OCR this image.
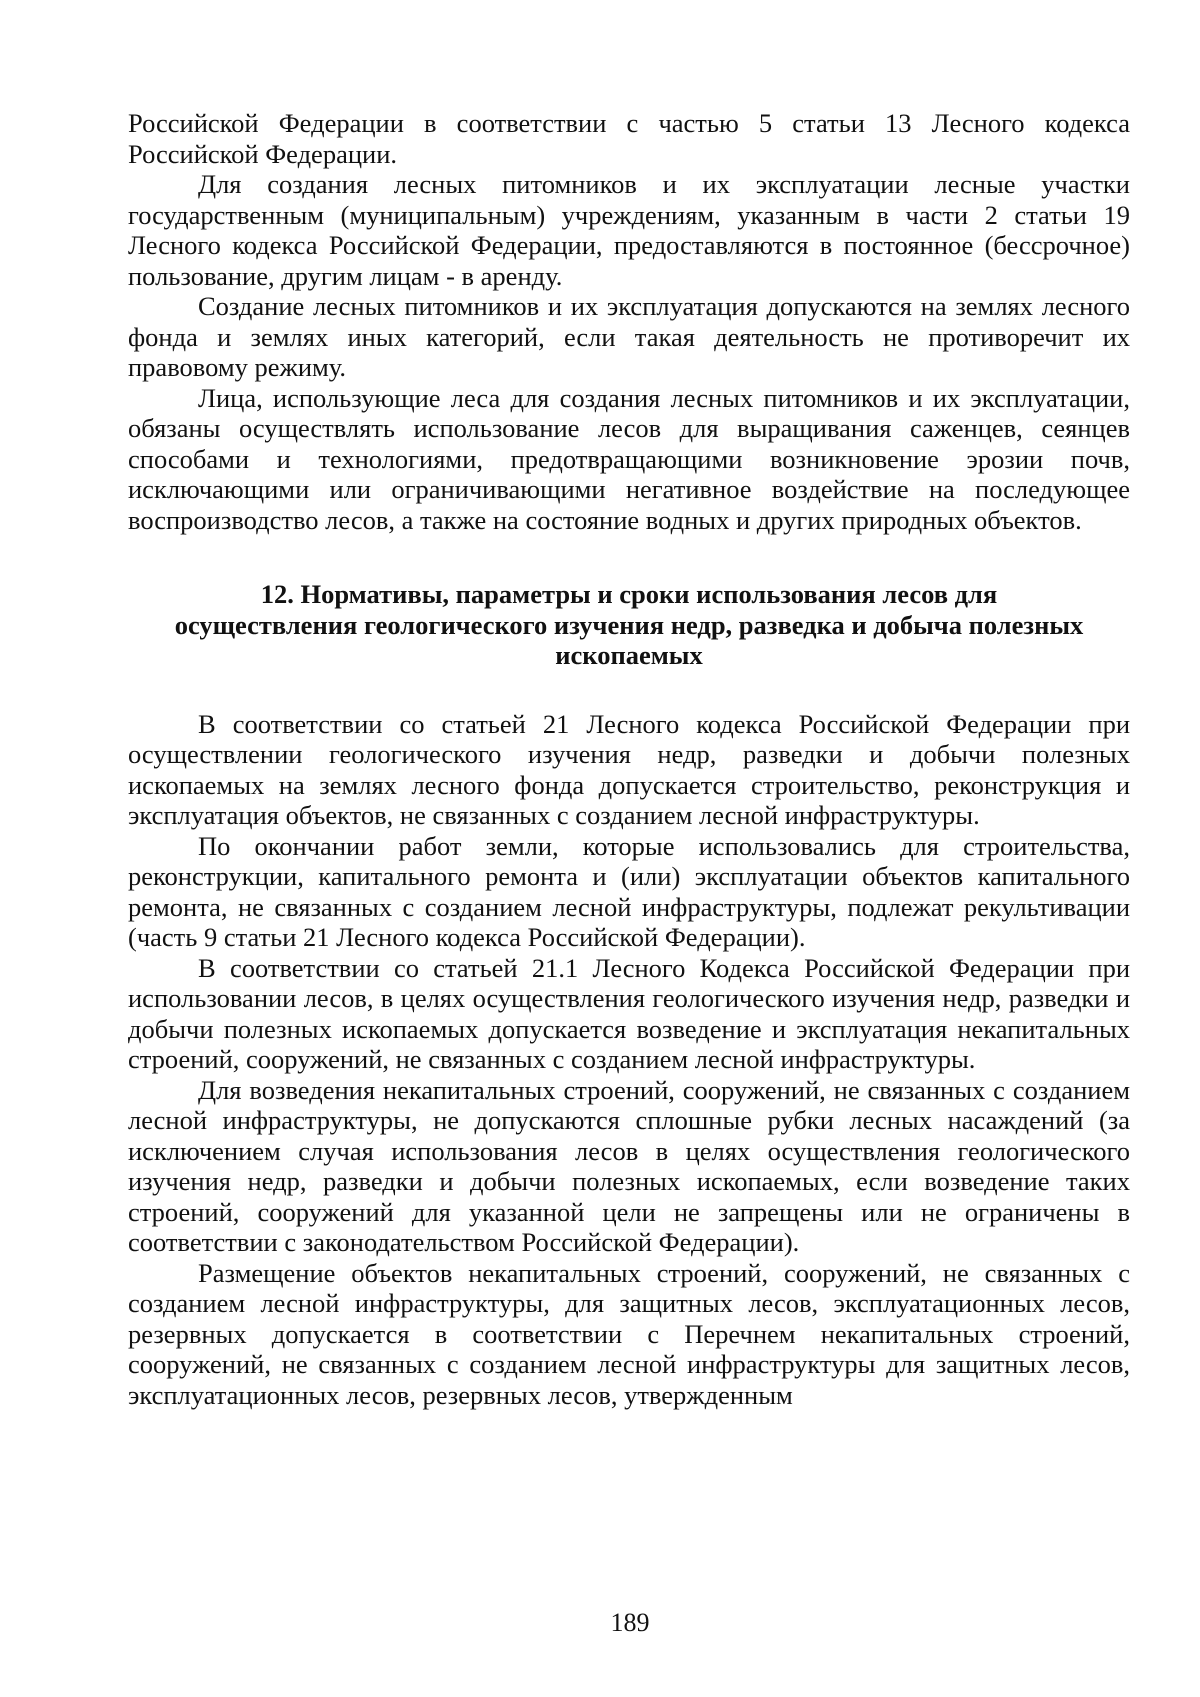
Российской Федерации в соответствии с частью 5 статьи 13 Лесного кодекса Российской Федерации.

Для создания лесных питомников и их эксплуатации лесные участки государственным (муниципальным) учреждениям, указанным в части 2 статьи 19 Лесного кодекса Российской Федерации, предоставляются в постоянное (бессрочное) пользование, другим лицам - в аренду.

Создание лесных питомников и их эксплуатация допускаются на землях лесного фонда и землях иных категорий, если такая деятельность не противоречит их правовому режиму.

Лица, использующие леса для создания лесных питомников и их эксплуатации, обязаны осуществлять использование лесов для выращивания саженцев, сеянцев способами и технологиями, предотвращающими возникновение эрозии почв, исключающими или ограничивающими негативное воздействие на последующее воспроизводство лесов, а также на состояние водных и других природных объектов.

12. Нормативы, параметры и сроки использования лесов для
осуществления геологического изучения недр, разведка и добыча полезных
ископаемых

В соответствии со статьей 21 Лесного кодекса Российской Федерации при осуществлении геологического изучения недр, разведки и добычи полезных ископаемых на землях лесного фонда допускается строительство, реконструкция и эксплуатация объектов, не связанных с созданием лесной инфраструктуры.

По окончании работ земли, которые использовались для строительства, реконструкции, капитального ремонта и (или) эксплуатации объектов капитального ремонта, не связанных с созданием лесной инфраструктуры, подлежат рекультивации (часть 9 статьи 21 Лесного кодекса Российской Федерации).

В соответствии со статьей 21.1 Лесного Кодекса Российской Федерации при использовании лесов, в целях осуществления геологического изучения недр, разведки и добычи полезных ископаемых допускается возведение и эксплуатация некапитальных строений, сооружений, не связанных с созданием лесной инфраструктуры.

Для возведения некапитальных строений, сооружений, не связанных с созданием лесной инфраструктуры, не допускаются сплошные рубки лесных насаждений (за исключением случая использования лесов в целях осуществления геологического изучения недр, разведки и добычи полезных ископаемых, если возведение таких строений, сооружений для указанной цели не запрещены или не ограничены в соответствии с законодательством Российской Федерации).

Размещение объектов некапитальных строений, сооружений, не связанных с созданием лесной инфраструктуры, для защитных лесов, эксплуатационных лесов, резервных допускается в соответствии с Перечнем некапитальных строений, сооружений, не связанных с созданием лесной инфраструктуры для защитных лесов, эксплуатационных лесов, резервных лесов, утвержденным

189
